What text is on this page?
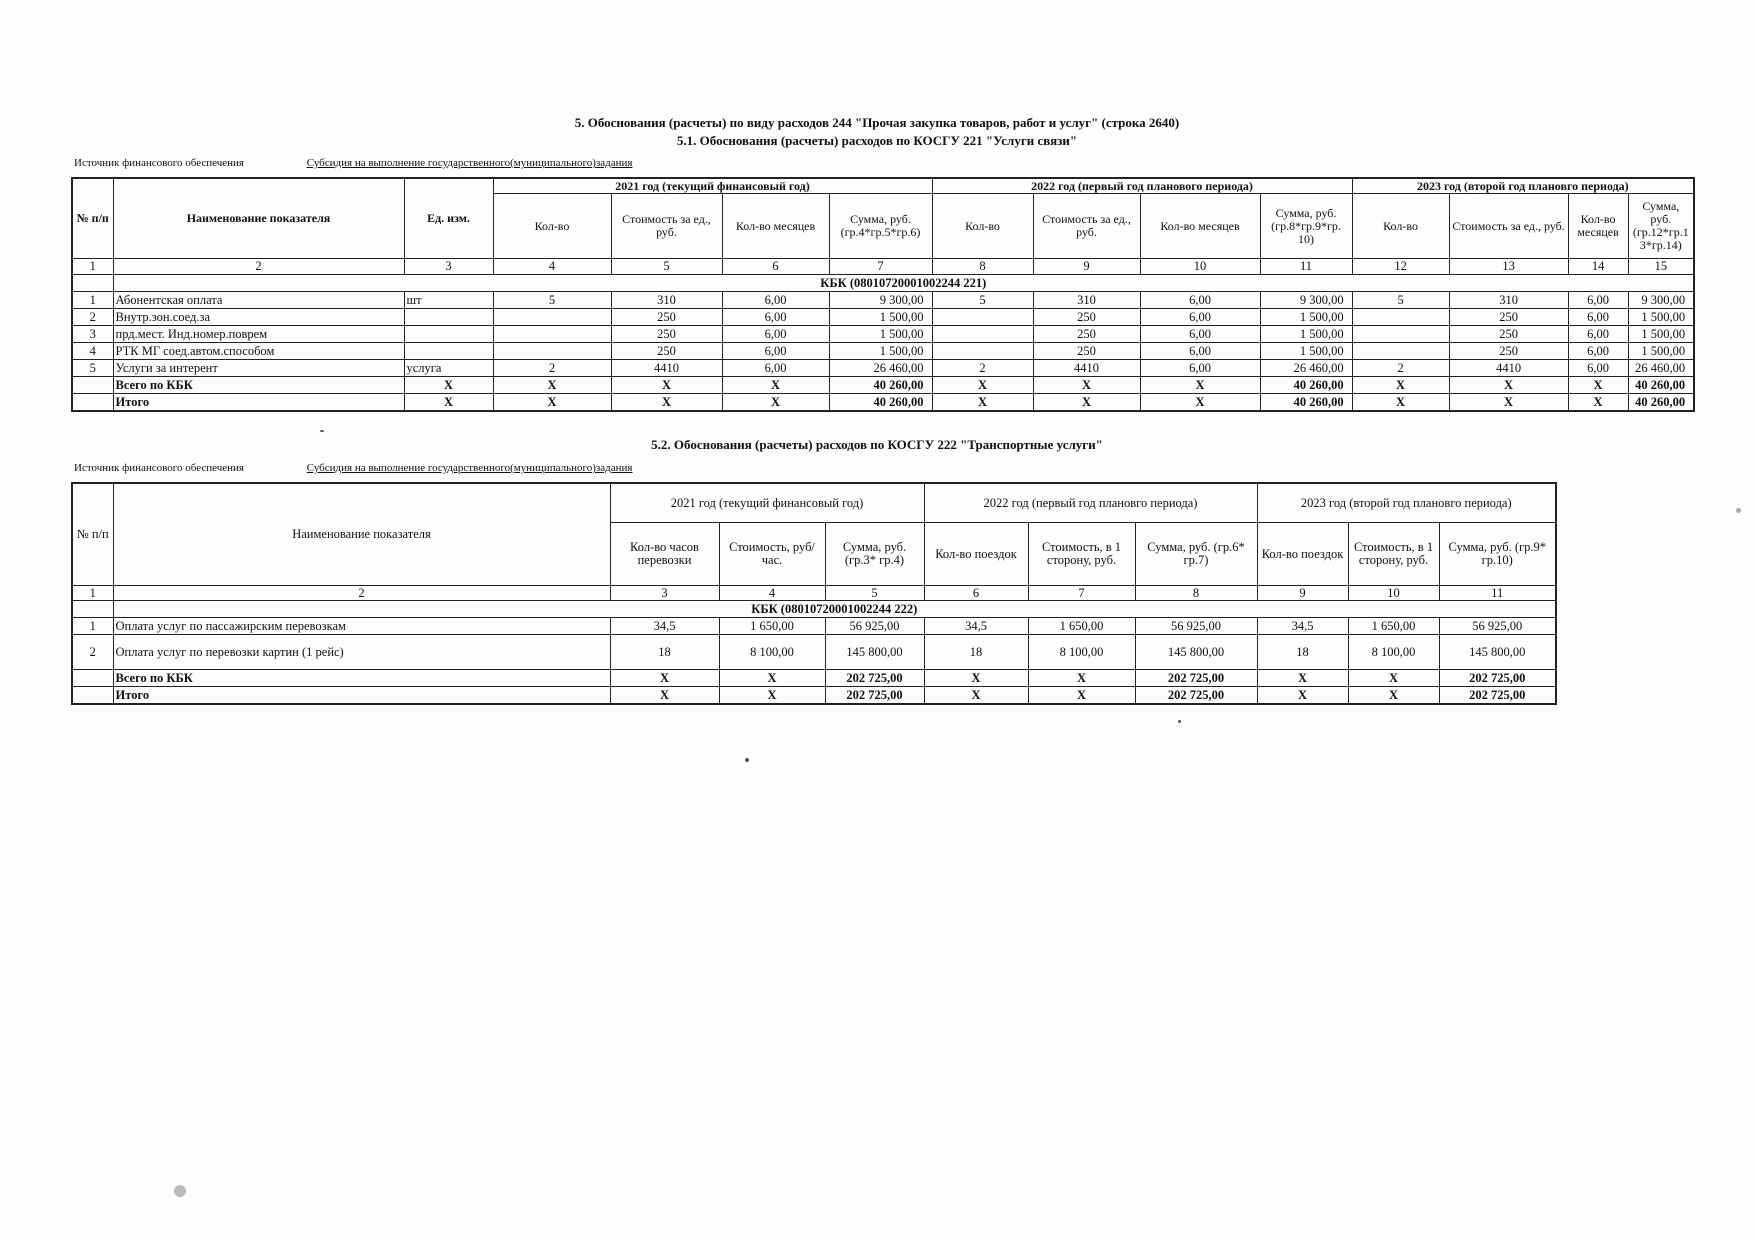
5. Обоснования (расчеты) по виду расходов 244 "Прочая закупка товаров, работ и услуг" (строка 2640)
5.1. Обоснования (расчеты) расходов по КОСГУ 221 "Услуги связи"
Источник финансового обеспечения	Субсидия на выполнение государственного(муниципального)задания
№ п/п	Наименование показателя	Ед. изм.	2021 год (текущий финансовый год)				2022 год (первый год планового периода)				2023 год (второй год плановго периода)			
			Кол-во	Стоимость за ед., руб.	Кол-во месяцев	Сумма, руб. (гр.4*гр.5*гр.6)	Кол-во	Стоимость за ед., руб.	Кол-во месяцев	Сумма, руб. (гр.8*гр.9*гр. 10)	Кол-во	Стоимость за ед., руб.	Кол-во месяцев	Сумма, руб. (гр.12*гр.1 3*гр.14)
1	2	3	4	5	6	7	8	9	10	11	12	13	14	15
	КБК (08010720001002244 221)													
1	Абонентская оплата	шт	5	310	6,00	9 300,00	5	310	6,00	9 300,00	5	310	6,00	9 300,00
2	Внутр.зон.соед.за			250	6,00	1 500,00		250	6,00	1 500,00		250	6,00	1 500,00
3	прд.мест. Инд.номер.поврем			250	6,00	1 500,00		250	6,00	1 500,00		250	6,00	1 500,00
4	РТК МГ соед.автом.способом			250	6,00	1 500,00		250	6,00	1 500,00		250	6,00	1 500,00
5	Услуги за интерент	услуга	2	4410	6,00	26 460,00	2	4410	6,00	26 460,00	2	4410	6,00	26 460,00
	Всего по КБК	X	X	X	X	40 260,00	X	X	X	40 260,00	X	X	X	40 260,00
	Итого	X	X	X	X	40 260,00	X	X	X	40 260,00	X	X	X	40 260,00
5.2. Обоснования (расчеты) расходов по КОСГУ 222 "Транспортные услуги"
Источник финансового обеспечения	Субсидия на выполнение государственного(муниципального)задания
№ п/п	Наименование показателя	2021 год (текущий финансовый год)			2022 год (первый год плановго периода)			2023 год (второй год плановго периода)		
		Кол-во часов перевозки	Стоимость, руб/час.	Сумма, руб. (гр.3* гр.4)	Кол-во поездок	Стоимость, в 1 сторону, руб.	Сумма, руб. (гр.6* гр.7)	Кол-во поездок	Стоимость, в 1 сторону, руб.	Сумма, руб. (гр.9* гр.10)
1	2	3	4	5	6	7	8	9	10	11
	КБК (08010720001002244 222)									
1	Оплата услуг по пассажирским перевозкам	34,5	1 650,00	56 925,00	34,5	1 650,00	56 925,00	34,5	1 650,00	56 925,00
2	Оплата услуг по перевозки картин (1 рейс)	18	8 100,00	145 800,00	18	8 100,00	145 800,00	18	8 100,00	145 800,00
	Всего по КБК	X	X	202 725,00	X	X	202 725,00	X	X	202 725,00
	Итого	X	X	202 725,00	X	X	202 725,00	X	X	202 725,00
